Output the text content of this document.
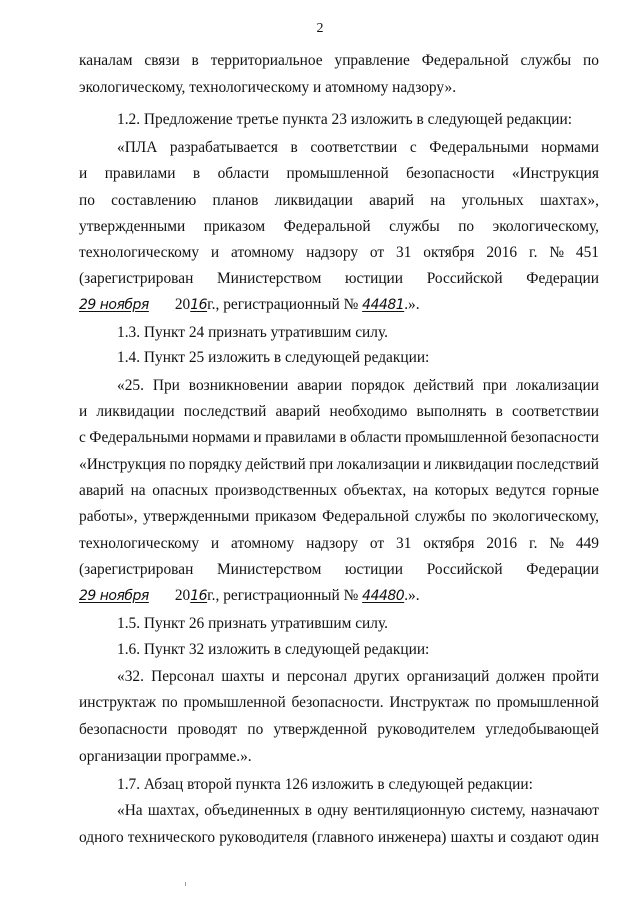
2
каналам связи в территориальное управление Федеральной службы по
экологическому, технологическому и атомному надзору».
1.2. Предложение третье пункта 23 изложить в следующей редакции:
«ПЛА разрабатывается в соответствии с Федеральными нормами
и правилами в области промышленной безопасности «Инструкция
по составлению планов ликвидации аварий на угольных шахтах»,
утвержденными приказом Федеральной службы по экологическому,
технологическому и атомному надзору от 31 октября 2016 г. № 451
(зарегистрирован Министерством юстиции Российской Федерации
29 ноября 2016г., регистрационный № 44481.».
1.3. Пункт 24 признать утратившим силу.
1.4. Пункт 25 изложить в следующей редакции:
«25. При возникновении аварии порядок действий при локализации
и ликвидации последствий аварий необходимо выполнять в соответствии
с Федеральными нормами и правилами в области промышленной безопасности
«Инструкция по порядку действий при локализации и ликвидации последствий
аварий на опасных производственных объектах, на которых ведутся горные
работы», утвержденными приказом Федеральной службы по экологическому,
технологическому и атомному надзору от 31 октября 2016 г. № 449
(зарегистрирован Министерством юстиции Российской Федерации
29 ноября 2016г., регистрационный № 44480.».
1.5. Пункт 26 признать утратившим силу.
1.6. Пункт 32 изложить в следующей редакции:
«32. Персонал шахты и персонал других организаций должен пройти
инструктаж по промышленной безопасности. Инструктаж по промышленной
безопасности проводят по утвержденной руководителем угледобывающей
организации программе.».
1.7. Абзац второй пункта 126 изложить в следующей редакции:
«На шахтах, объединенных в одну вентиляционную систему, назначают
одного технического руководителя (главного инженера) шахты и создают один
